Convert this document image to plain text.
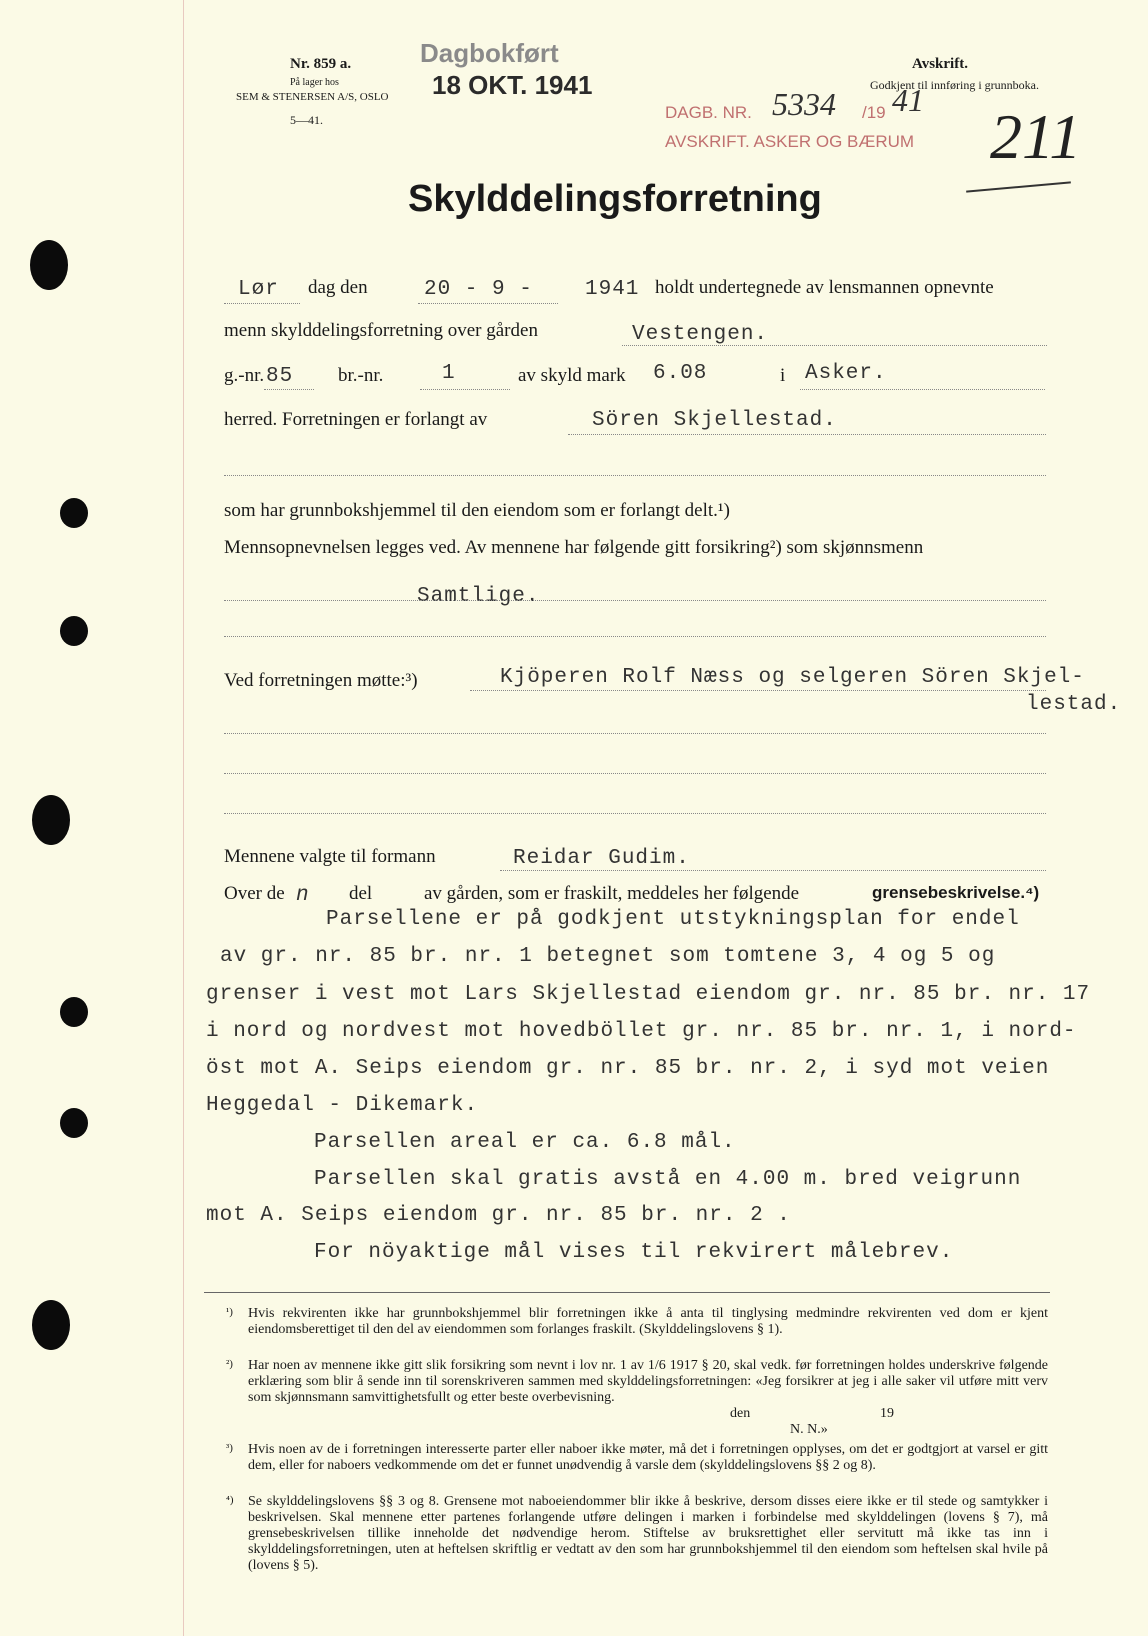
Nr. 859 a.
På lager hos
SEM & STENERSEN A/S, OSLO
5—41.
Dagbokført
18 OKT. 1941
Avskrift.
Godkjent til innføring i grunnboka.
DAGB. NR. 5334 /19 41
AVSKRIFT. ASKER OG BÆRUM 211
Skylddelingsforretning
Lør dag den	20 - 9 - 1941 holdt undertegnede av lensmannen opnevnte
menn skylddelingsforretning over gården	Vestengen.
g.-nr. 85 br.-nr.	1	av skyld mark 6.08	i Asker.
herred. Forretningen er forlangt av	Sören Skjellestad.
som har grunnbokshjemmel til den eiendom som er forlangt delt.¹)
Mennsopnevnelsen legges ved. Av mennene har følgende gitt forsikring²) som skjønnsmenn
Samtlige.
Ved forretningen møtte:³)	Kjöperen Rolf Næss og selgeren Sören Skjel-
lestad.
Mennene valgte til formann	Reidar Gudim.
Over de n del	av gården, som er fraskilt, meddeles her følgende	grensebeskrivelse.⁴)
Parsellene er på godkjent utstykningsplan for endel
av gr. nr. 85 br. nr. 1 betegnet som tomtene 3, 4 og 5 og
grenser i vest mot Lars Skjellestad eiendom gr. nr. 85 br. nr. 17
i nord og nordvest mot hovedböllet gr. nr. 85 br. nr. 1, i nord-
öst mot A. Seips eiendom gr. nr. 85 br. nr. 2, i syd mot veien
Heggedal - Dikemark.
Parsellen areal er ca. 6.8 mål.
Parsellen skal gratis avstå en 4.00 m. bred veigrunn
mot A. Seips eiendom gr. nr. 85 br. nr. 2 .
For nöyaktige mål vises til rekvirert målebrev.
¹) Hvis rekvirenten ikke har grunnbokshjemmel blir forretningen ikke å anta til tinglysing medmindre rekvirenten ved dom er kjent eiendomsberettiget til den del av eiendommen som forlanges fraskilt. (Skylddelingslovens § 1).
²) Har noen av mennene ikke gitt slik forsikring som nevnt i lov nr. 1 av 1/6 1917 § 20, skal vedk. før forretningen holdes underskrive følgende erklæring som blir å sende inn til sorenskriveren sammen med skylddelingsforretningen: «Jeg forsikrer at jeg i alle saker vil utføre mitt verv som skjønnsmann samvittighetsfullt og etter beste overbevisning.
den	19
N. N.»
³) Hvis noen av de i forretningen interesserte parter eller naboer ikke møter, må det i forretningen opplyses, om det er godtgjort at varsel er gitt dem, eller for naboers vedkommende om det er funnet unødvendig å varsle dem (skylddelingslovens §§ 2 og 8).
⁴) Se skylddelingslovens §§ 3 og 8. Grensene mot naboeiendommer blir ikke å beskrive, dersom disses eiere ikke er til stede og samtykker i beskrivelsen. Skal mennene etter partenes forlangende utføre delingen i marken i forbindelse med skylddelingen (lovens § 7), må grensebeskrivelsen tillike inneholde det nødvendige herom. Stiftelse av bruksrettighet eller servitutt må ikke tas inn i skylddelingsforretningen, uten at heftelsen skriftlig er vedtatt av den som har grunnbokshjemmel til den eiendom som heftelsen skal hvile på (lovens § 5).
